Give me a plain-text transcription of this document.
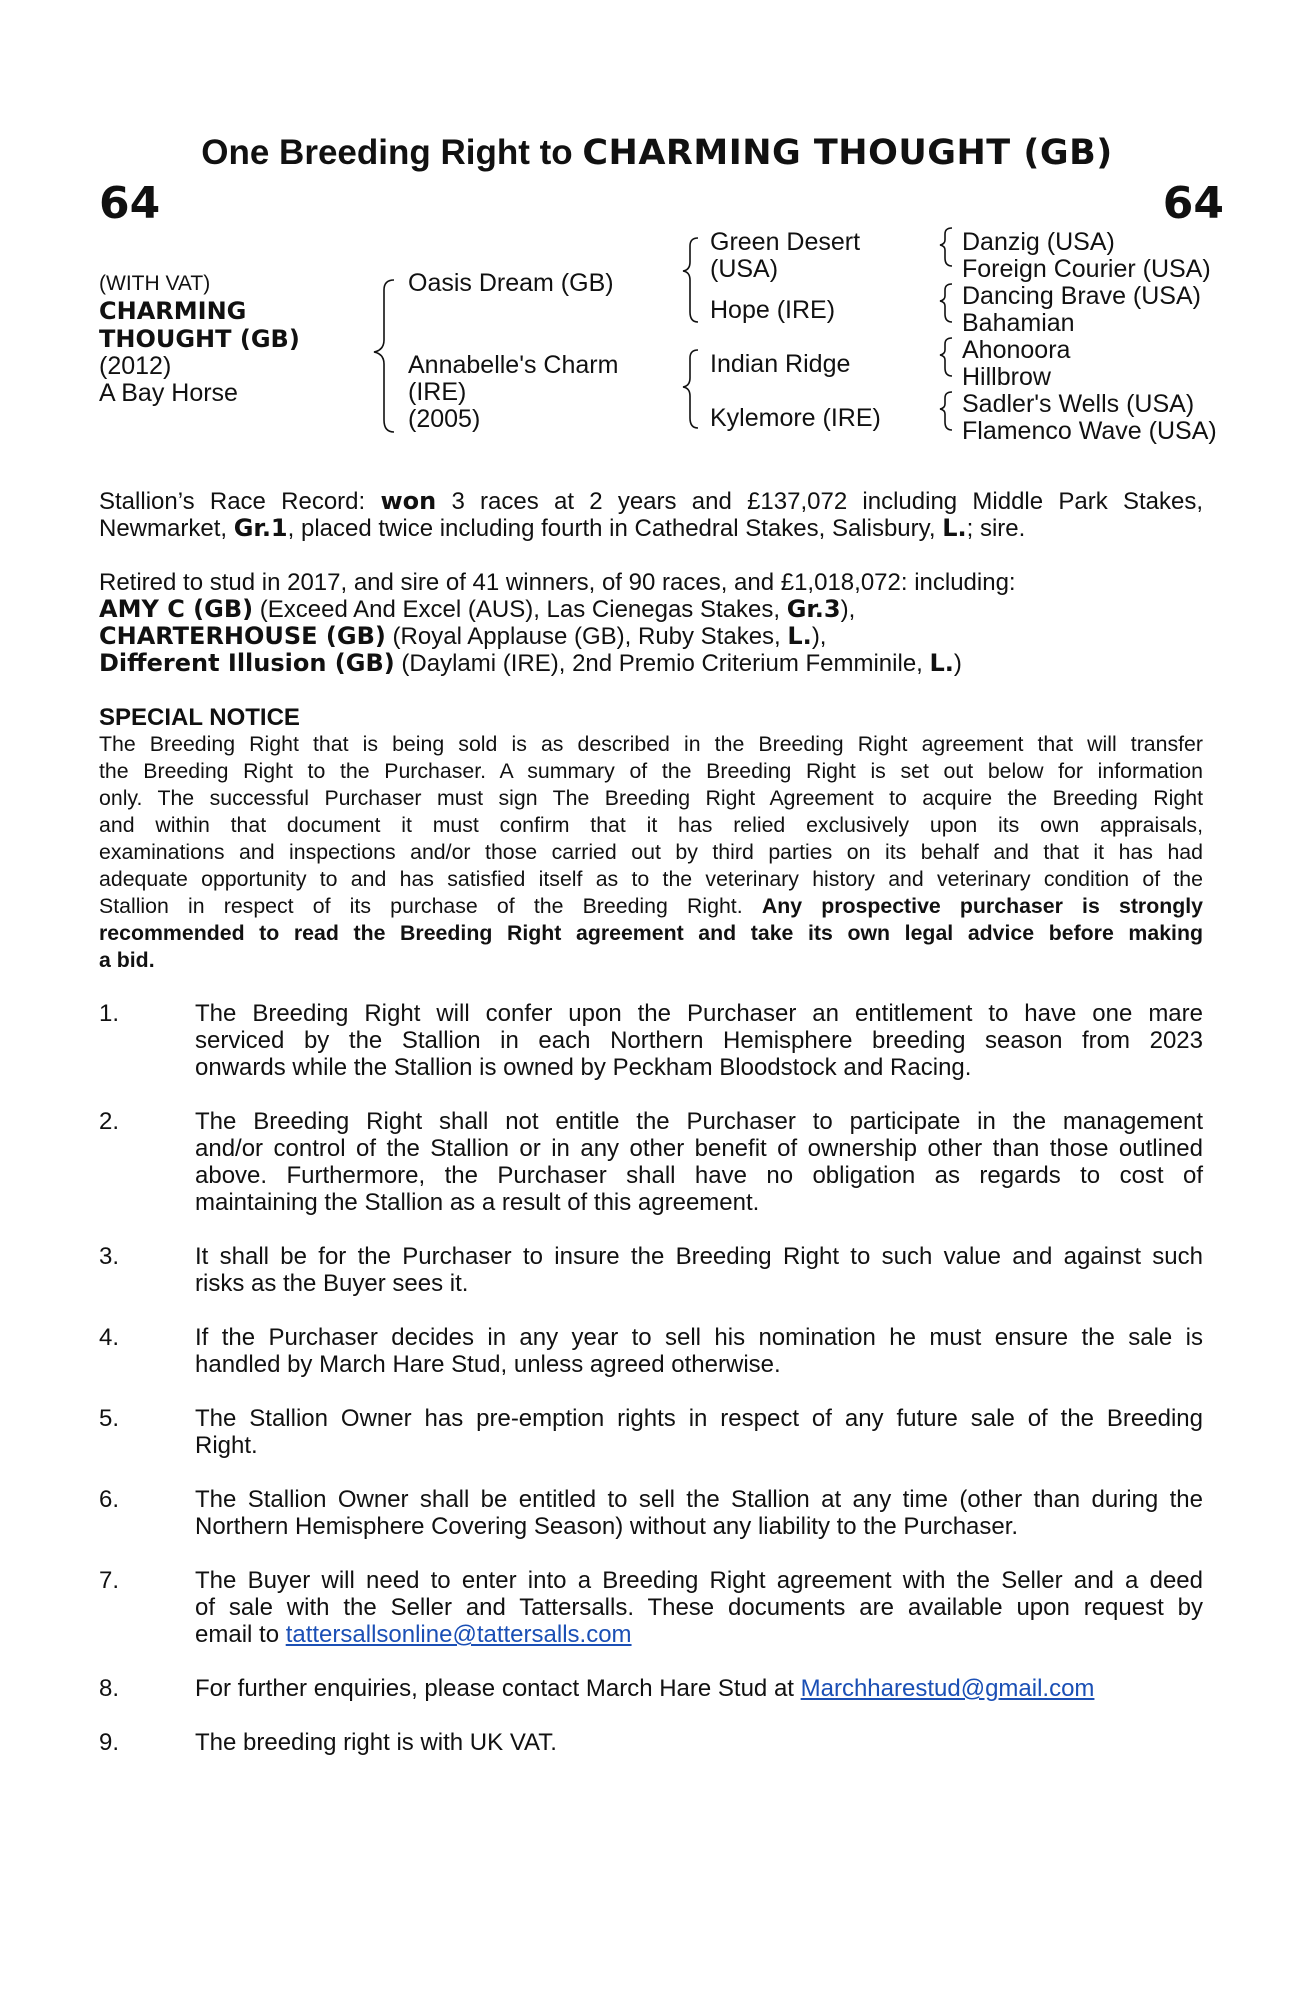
One Breeding Right to CHARMING THOUGHT (GB)
64	64
(WITH VAT)
CHARMING
THOUGHT (GB)
(2012)
A Bay Horse
Oasis Dream (GB)
Annabelle's Charm
(IRE)
(2005)
Green Desert
(USA)
Hope (IRE)
Indian Ridge
Kylemore (IRE)
Danzig (USA)
Foreign Courier (USA)
Dancing Brave (USA)
Bahamian
Ahonoora
Hillbrow
Sadler's Wells (USA)
Flamenco Wave (USA)
Stallion’s Race Record: won 3 races at 2 years and £137,072 including Middle Park Stakes,
Newmarket, Gr.1, placed twice including fourth in Cathedral Stakes, Salisbury, L.; sire.
Retired to stud in 2017, and sire of 41 winners, of 90 races, and £1,018,072: including:
AMY C (GB) (Exceed And Excel (AUS), Las Cienegas Stakes, Gr.3),
CHARTERHOUSE (GB) (Royal Applause (GB), Ruby Stakes, L.),
Different Illusion (GB) (Daylami (IRE), 2nd Premio Criterium Femminile, L.)
SPECIAL NOTICE
The Breeding Right that is being sold is as described in the Breeding Right agreement that will transfer
the Breeding Right to the Purchaser. A summary of the Breeding Right is set out below for information
only. The successful Purchaser must sign The Breeding Right Agreement to acquire the Breeding Right
and within that document it must confirm that it has relied exclusively upon its own appraisals,
examinations and inspections and/or those carried out by third parties on its behalf and that it has had
adequate opportunity to and has satisfied itself as to the veterinary history and veterinary condition of the
Stallion in respect of its purchase of the Breeding Right. Any prospective purchaser is strongly
recommended to read the Breeding Right agreement and take its own legal advice before making
a bid.
1.	The Breeding Right will confer upon the Purchaser an entitlement to have one mare
serviced by the Stallion in each Northern Hemisphere breeding season from 2023
onwards while the Stallion is owned by Peckham Bloodstock and Racing.
2.	The Breeding Right shall not entitle the Purchaser to participate in the management
and/or control of the Stallion or in any other benefit of ownership other than those outlined
above. Furthermore, the Purchaser shall have no obligation as regards to cost of
maintaining the Stallion as a result of this agreement.
3.	It shall be for the Purchaser to insure the Breeding Right to such value and against such
risks as the Buyer sees it.
4.	If the Purchaser decides in any year to sell his nomination he must ensure the sale is
handled by March Hare Stud, unless agreed otherwise.
5.	The Stallion Owner has pre-emption rights in respect of any future sale of the Breeding
Right.
6.	The Stallion Owner shall be entitled to sell the Stallion at any time (other than during the
Northern Hemisphere Covering Season) without any liability to the Purchaser.
7.	The Buyer will need to enter into a Breeding Right agreement with the Seller and a deed
of sale with the Seller and Tattersalls. These documents are available upon request by
email to tattersallsonline@tattersalls.com
8.	For further enquiries, please contact March Hare Stud at Marchharestud@gmail.com
9.	The breeding right is with UK VAT.
